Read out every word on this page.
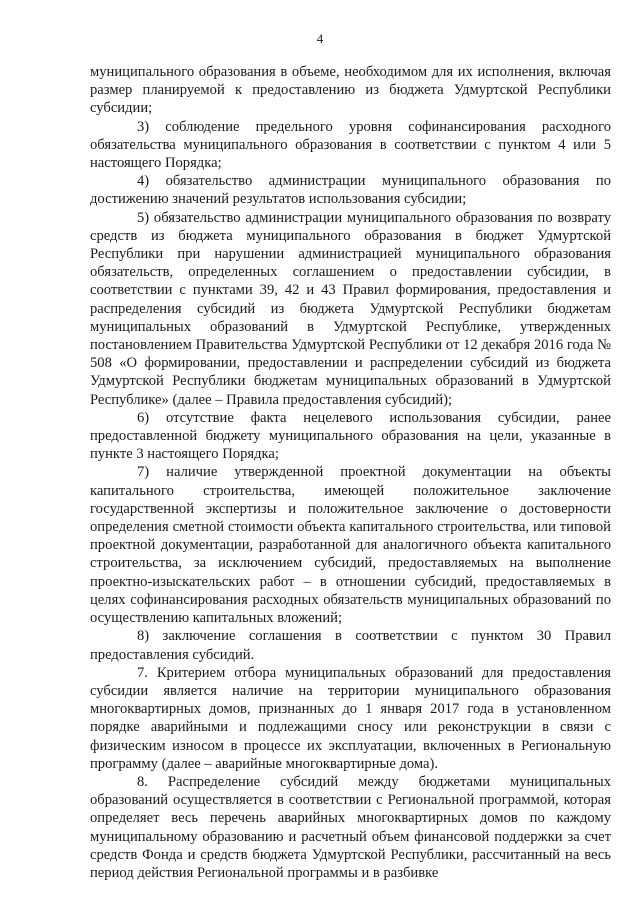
4

муниципального образования в объеме, необходимом для их исполнения, включая размер планируемой к предоставлению из бюджета Удмуртской Республики субсидии;

3) соблюдение предельного уровня софинансирования расходного обязательства муниципального образования в соответствии с пунктом 4 или 5 настоящего Порядка;

4) обязательство администрации муниципального образования по достижению значений результатов использования субсидии;

5) обязательство администрации муниципального образования по возврату средств из бюджета муниципального образования в бюджет Удмуртской Республики при нарушении администрацией муниципального образования обязательств, определенных соглашением о предоставлении субсидии, в соответствии с пунктами 39, 42 и 43 Правил формирования, предоставления и распределения субсидий из бюджета Удмуртской Республики бюджетам муниципальных образований в Удмуртской Республике, утвержденных постановлением Правительства Удмуртской Республики от 12 декабря 2016 года № 508 «О формировании, предоставлении и распределении субсидий из бюджета Удмуртской Республики бюджетам муниципальных образований в Удмуртской Республике» (далее – Правила предоставления субсидий);

6) отсутствие факта нецелевого использования субсидии, ранее предоставленной бюджету муниципального образования на цели, указанные в пункте 3 настоящего Порядка;

7) наличие утвержденной проектной документации на объекты капитального строительства, имеющей положительное заключение государственной экспертизы и положительное заключение о достоверности определения сметной стоимости объекта капитального строительства, или типовой проектной документации, разработанной для аналогичного объекта капитального строительства, за исключением субсидий, предоставляемых на выполнение проектно-изыскательских работ – в отношении субсидий, предоставляемых в целях софинансирования расходных обязательств муниципальных образований по осуществлению капитальных вложений;

8) заключение соглашения в соответствии с пунктом 30 Правил предоставления субсидий.

7. Критерием отбора муниципальных образований для предоставления субсидии является наличие на территории муниципального образования многоквартирных домов, признанных до 1 января 2017 года в установленном порядке аварийными и подлежащими сносу или реконструкции в связи с физическим износом в процессе их эксплуатации, включенных в Региональную программу (далее – аварийные многоквартирные дома).

8. Распределение субсидий между бюджетами муниципальных образований осуществляется в соответствии с Региональной программой, которая определяет весь перечень аварийных многоквартирных домов по каждому муниципальному образованию и расчетный объем финансовой поддержки за счет средств Фонда и средств бюджета Удмуртской Республики, рассчитанный на весь период действия Региональной программы и в разбивке
